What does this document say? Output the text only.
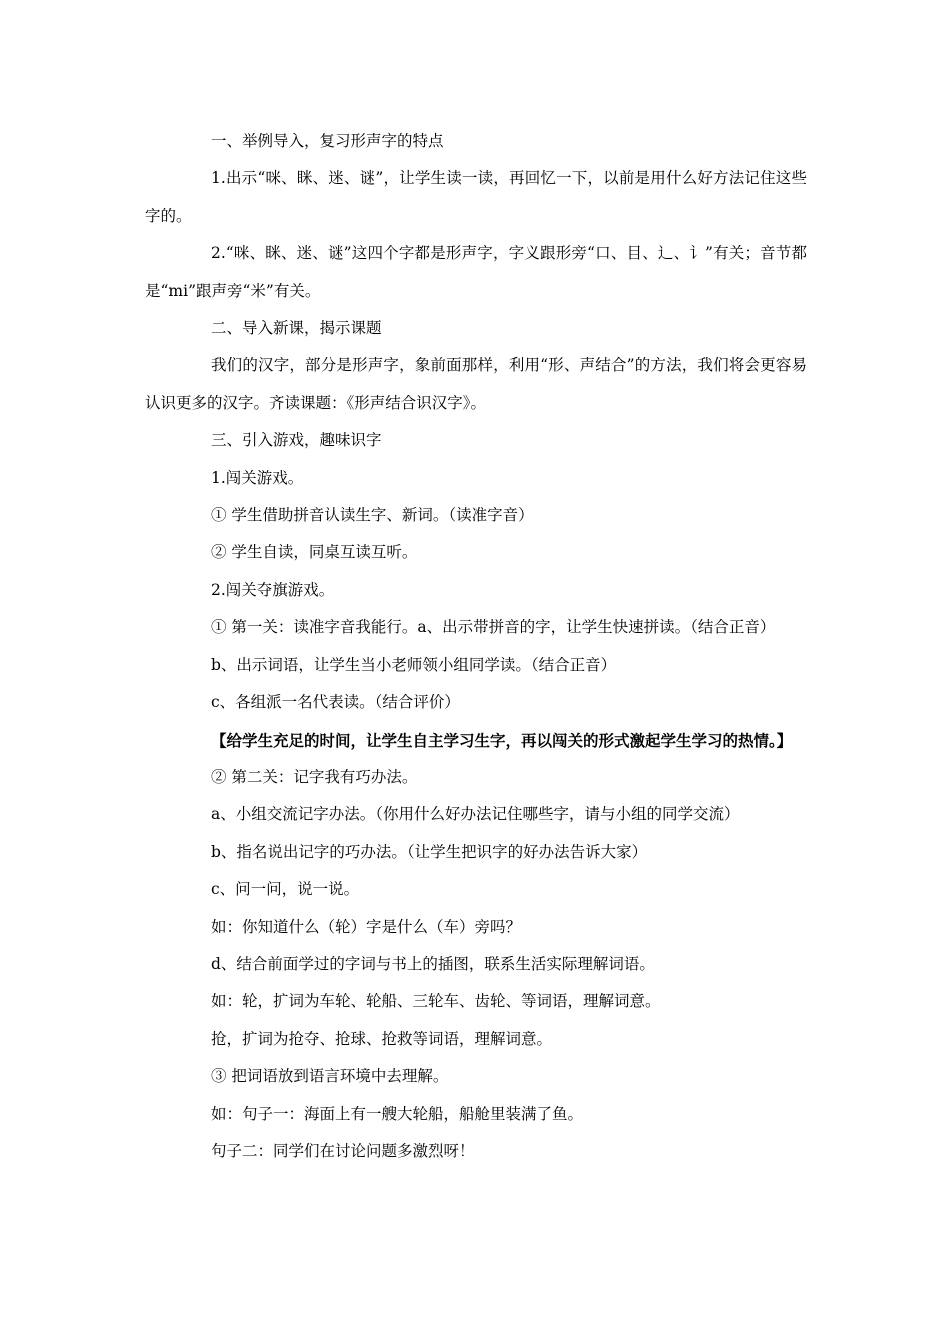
一、举例导入，复习形声字的特点

1.出示“咪、眯、迷、谜”，让学生读一读，再回忆一下，以前是用什么好方法记住这些字的。

2.“咪、眯、迷、谜”这四个字都是形声字，字义跟形旁“口、目、辶、讠”有关；音节都是“mi”跟声旁“米”有关。

二、导入新课，揭示课题

我们的汉字，部分是形声字，象前面那样，利用“形、声结合”的方法，我们将会更容易认识更多的汉字。齐读课题：《形声结合识汉字》。

三、引入游戏，趣味识字

1.闯关游戏。

① 学生借助拼音认读生字、新词。（读准字音）

② 学生自读，同桌互读互听。

2.闯关夺旗游戏。

① 第一关：读准字音我能行。a、出示带拼音的字，让学生快速拼读。（结合正音）

b、出示词语，让学生当小老师领小组同学读。（结合正音）

c、各组派一名代表读。（结合评价）

【给学生充足的时间，让学生自主学习生字，再以闯关的形式激起学生学习的热情。】

② 第二关：记字我有巧办法。

a、小组交流记字办法。（你用什么好办法记住哪些字，请与小组的同学交流）

b、指名说出记字的巧办法。（让学生把识字的好办法告诉大家）

c、问一问，说一说。

如：你知道什么（轮）字是什么（车）旁吗？

d、结合前面学过的字词与书上的插图，联系生活实际理解词语。

如：轮，扩词为车轮、轮船、三轮车、齿轮、等词语，理解词意。

抢，扩词为抢夺、抢球、抢救等词语，理解词意。

③ 把词语放到语言环境中去理解。

如：句子一：海面上有一艘大轮船，船舱里装满了鱼。

句子二：同学们在讨论问题多激烈呀！
